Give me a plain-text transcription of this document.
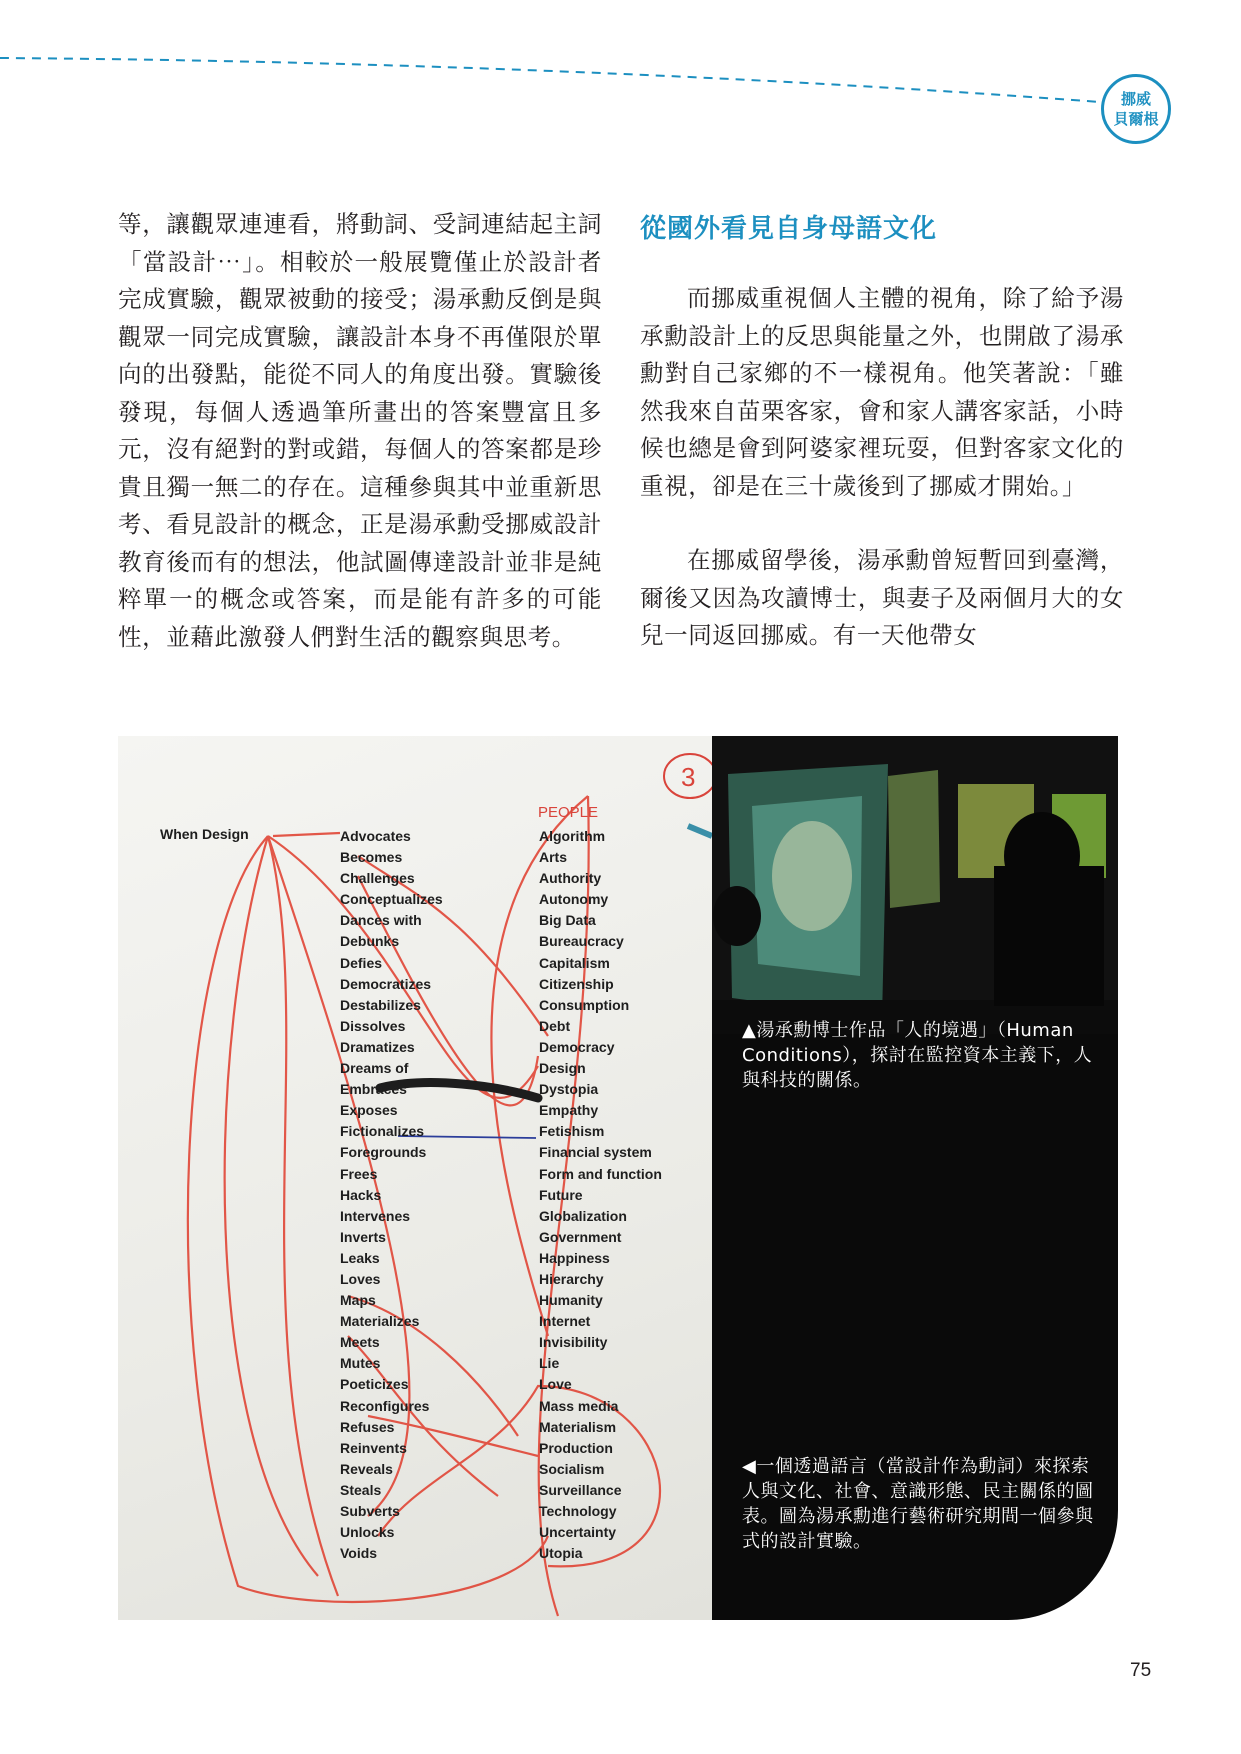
挪威
貝爾根

等，讓觀眾連連看，將動詞、受詞連結起主詞「當設計⋯」。相較於一般展覽僅止於設計者完成實驗，觀眾被動的接受；湯承勳反倒是與觀眾一同完成實驗，讓設計本身不再僅限於單向的出發點，能從不同人的角度出發。實驗後發現，每個人透過筆所畫出的答案豐富且多元，沒有絕對的對或錯，每個人的答案都是珍貴且獨一無二的存在。這種參與其中並重新思考、看見設計的概念，正是湯承勳受挪威設計教育後而有的想法，他試圖傳達設計並非是純粹單一的概念或答案，而是能有許多的可能性，並藉此激發人們對生活的觀察與思考。

從國外看見自身母語文化

而挪威重視個人主體的視角，除了給予湯承勳設計上的反思與能量之外，也開啟了湯承勳對自己家鄉的不一樣視角。他笑著說：「雖然我來自苗栗客家，會和家人講客家話，小時候也總是會到阿婆家裡玩耍，但對客家文化的重視，卻是在三十歲後到了挪威才開始。」

在挪威留學後，湯承勳曾短暫回到臺灣，爾後又因為攻讀博士，與妻子及兩個月大的女兒一同返回挪威。有一天他帶女

3
When Design
PEOPLE
Advocates
Becomes
Challenges
Conceptualizes
Dances with
Debunks
Defies
Democratizes
Destabilizes
Dissolves
Dramatizes
Dreams of
Embraces
Exposes
Fictionalizes
Foregrounds
Frees
Hacks
Intervenes
Inverts
Leaks
Loves
Maps
Materializes
Meets
Mutes
Poeticizes
Reconfigures
Refuses
Reinvents
Reveals
Steals
Subverts
Unlocks
Voids
Algorithm
Arts
Authority
Autonomy
Big Data
Bureaucracy
Capitalism
Citizenship
Consumption
Debt
Democracy
Design
Dystopia
Empathy
Fetishism
Financial system
Form and function
Future
Globalization
Government
Happiness
Hierarchy
Humanity
Internet
Invisibility
Lie
Love
Mass media
Materialism
Production
Socialism
Surveillance
Technology
Uncertainty
Utopia
▲湯承勳博士作品「人的境遇」（Human Conditions），探討在監控資本主義下，人與科技的關係。
◀一個透過語言（當設計作為動詞）來探索人與文化、社會、意識形態、民主關係的圖表。圖為湯承勳進行藝術研究期間一個參與式的設計實驗。
75
